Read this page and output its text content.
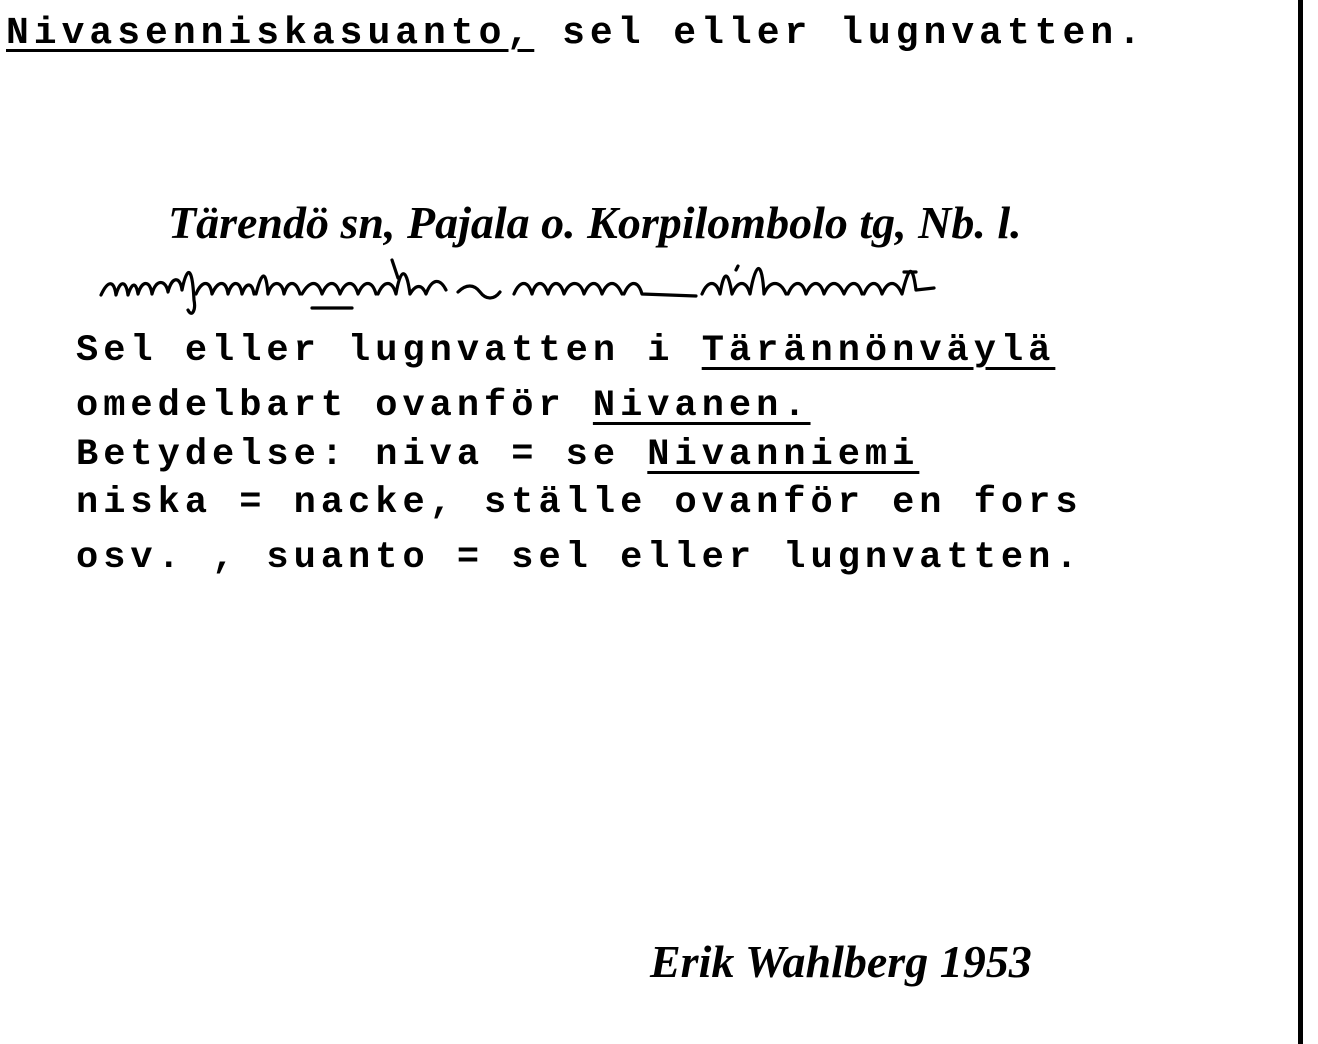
Nivasenniskasuanto, sel eller lugnvatten.
Tärendö sn, Pajala o. Korpilombolo tg, Nb. l.
Sel eller lugnvatten i Tärännönväylä
omedelbart ovanför Nivanen.
Betydelse: niva = se Nivanniemi
niska = nacke, ställe ovanför en fors
osv. , suanto = sel eller lugnvatten.
Erik Wahlberg 1953
